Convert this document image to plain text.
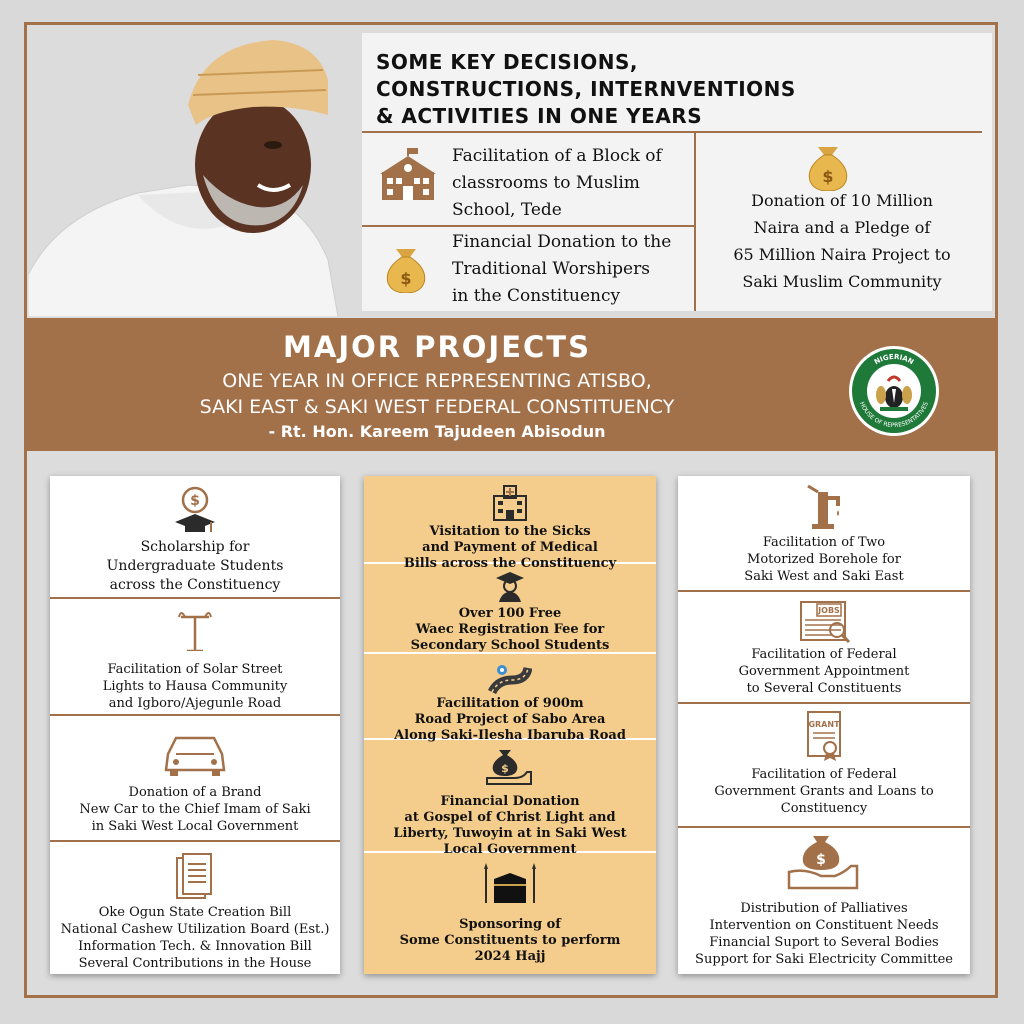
SOME KEY DECISIONS,
CONSTRUCTIONS, INTERNVENTIONS
& ACTIVITIES IN ONE YEARS
Facilitation of a Block of
classrooms to Muslim
School, Tede
$
Financial Donation to the
Traditional Worshipers
in the Constituency
$
Donation of 10 Million
Naira and a Pledge of
65 Million Naira Project to
Saki Muslim Community
MAJOR PROJECTS
ONE YEAR IN OFFICE REPRESENTING ATISBO,
SAKI EAST & SAKI WEST FEDERAL CONSTITUENCY
- Rt. Hon. Kareem Tajudeen Abisodun
NIGERIAN
HOUSE OF REPRESENTATIVES
$
Scholarship for
Undergraduate Students
across the Constituency
Facilitation of Solar Street
Lights to Hausa Community
and Igboro/Ajegunle Road
Donation of a Brand
New Car to the Chief Imam of Saki
in Saki West Local Government
Oke Ogun State Creation Bill
National Cashew Utilization Board (Est.)
Information Tech. & Innovation Bill
Several Contributions in the House
Visitation to the Sicks
and Payment of Medical
Bills across the Constituency
Over 100 Free
Waec Registration Fee for
Secondary School Students
Facilitation of 900m
Road Project of Sabo Area
Along Saki-Ilesha Ibaruba Road
$
Financial Donation
at Gospel of Christ Light and
Liberty, Tuwoyin at in Saki West
Local Government
Sponsoring of
Some Constituents to perform
2024 Hajj
Facilitation of Two
Motorized Borehole for
Saki West and Saki East
JOBS
Facilitation of Federal
Government Appointment
to Several Constituents
GRANT
Facilitation of Federal
Government Grants and Loans to
Constituency
$
Distribution of Palliatives
Intervention on Constituent Needs
Financial Suport to Several Bodies
Support for Saki Electricity Committee
